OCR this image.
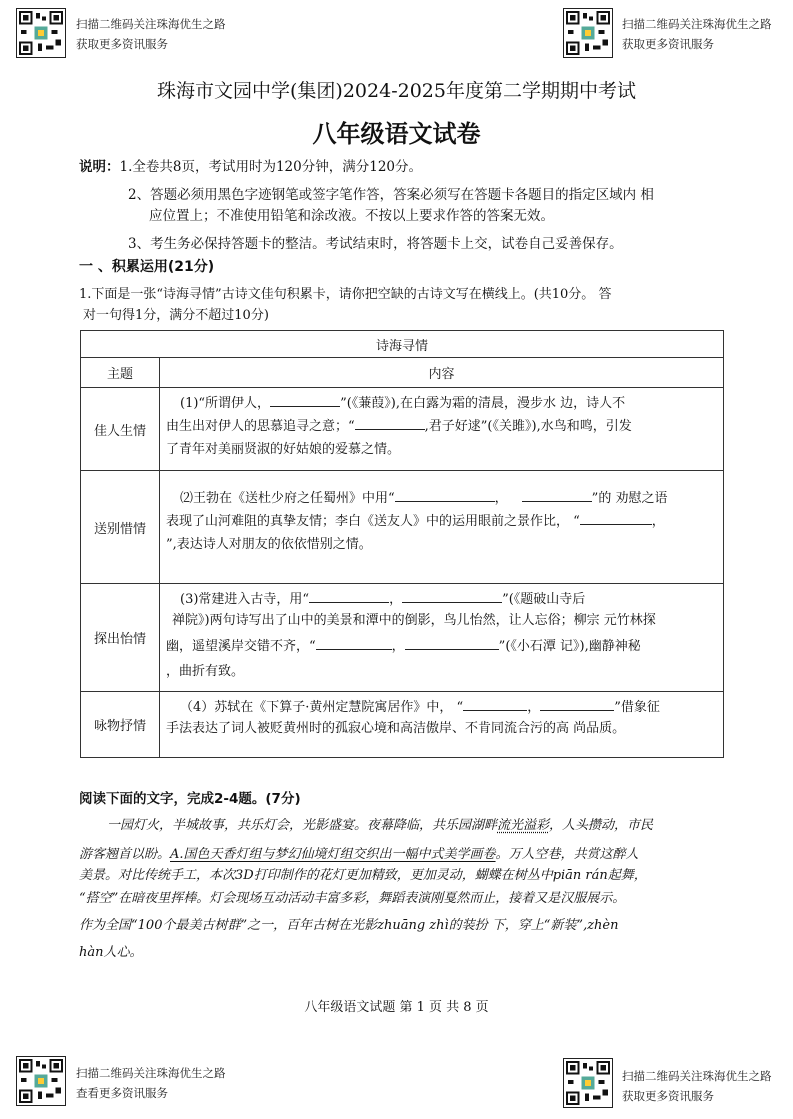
扫描二维码关注珠海优生之路
获取更多资讯服务
扫描二维码关注珠海优生之路
获取更多资讯服务
扫描二维码关注珠海优生之路
查看更多资讯服务
扫描二维码关注珠海优生之路
获取更多资讯服务
珠海市文园中学(集团)2024-2025年度第二学期期中考试
八年级语文试卷
说明：1.全卷共8页，考试用时为120分钟，满分120分。
2、答题必须用黑色字迹钢笔或签字笔作答，答案必须写在答题卡各题目的指定区域内 相
应位置上；不准使用铅笔和涂改液。不按以上要求作答的答案无效。
3、考生务必保持答题卡的整洁。考试结束时，将答题卡上交，试卷自己妥善保存。
一 、积累运用(21分)
1.下面是一张“诗海寻情”古诗文佳句积累卡，请你把空缺的古诗文写在横线上。(共10分。 答
对一句得1分，满分不超过10分)
诗海寻情	
主题	内容
佳人生情	(1)“所谓伊人， ”(《蒹葭》),在白露为霜的清晨，漫步水 边，诗人不
由生出对伊人的思慕追寻之意；“ ,君子好逑”(《关雎》),水鸟和鸣，引发
了青年对美丽贤淑的好姑娘的爱慕之情。

送别惜情	⑵王勃在《送杜少府之任蜀州》中用“ ， ”的 劝慰之语
表现了山河难阻的真挚友情；李白《送友人》中的运用眼前之景作比， “ ，
”,表达诗人对朋友的依依惜别之情。

探出怡情	(3)常建进入古寺，用“ ， ”(《题破山寺后
禅院》)两句诗写出了山中的美景和潭中的倒影，鸟儿怡然，让人忘俗；柳宗 元竹林探
幽，遥望溪岸交错不齐，“ ， ”(《小石潭 记》),幽静神秘
，曲折有致。

咏物抒情	（4）苏轼在《下算子·黄州定慧院寓居作》中， “ ， ”借象征
手法表达了词人被贬黄州时的孤寂心境和高洁傲岸、不肯同流合污的高 尚品质。
阅读下面的文字，完成2-4题。(7分)
一园灯火，半城故事，共乐灯会，光影盛宴。夜幕降临，共乐园湖畔流光溢彩，人头攒动，市民
游客翘首以盼。A.国色天香灯组与梦幻仙境灯组交织出一幅中式美学画卷。万人空巷，共赏这醉人
美景。对比传统手工，本次3D打印制作的花灯更加精致，更加灵动，蝴蝶在树丛中piān rán起舞，
“搭空”在暗夜里挥棒。灯会现场互动活动丰富多彩，舞蹈表演刚戛然而止，接着又是汉服展示。
作为全国“100个最美古树群”之一，百年古树在光影zhuāng zhì的装扮 下，穿上“新装”,zhèn
hàn人心。
八年级语文试题 第 1 页 共 8 页
